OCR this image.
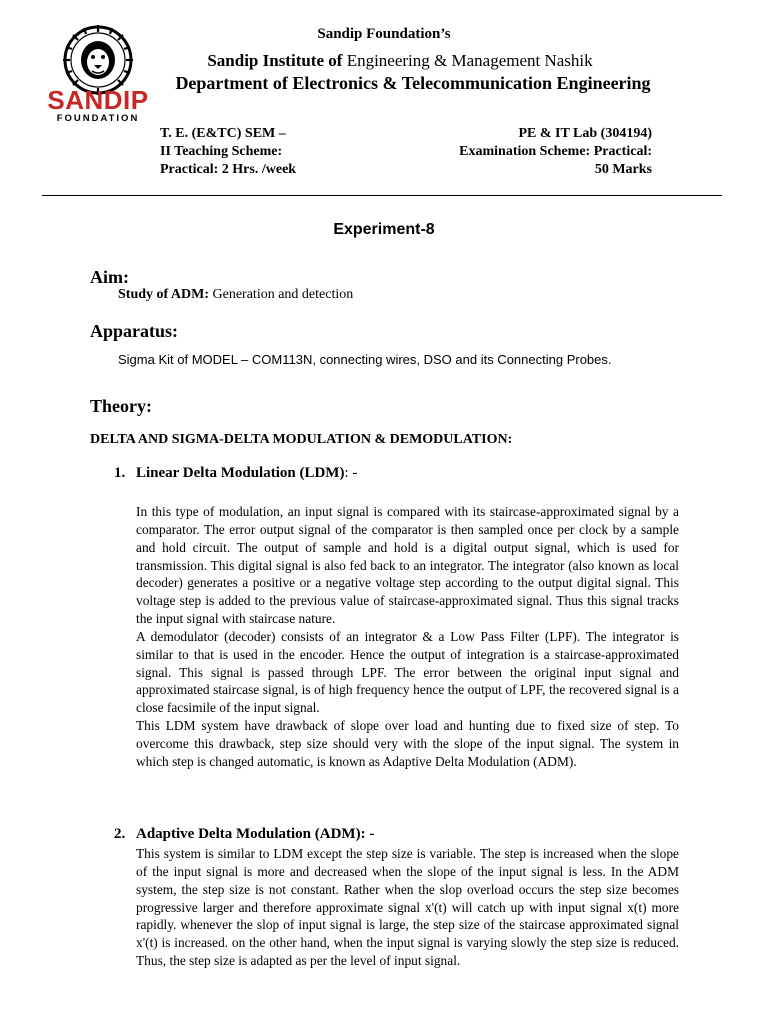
SANDIP
FOUNDATION
Sandip Foundation’s
Sandip Institute of Engineering & Management Nashik
Department of Electronics & Telecommunication Engineering
T. E. (E&TC) SEM –
II Teaching Scheme:
Practical: 2 Hrs. /week
PE & IT Lab (304194)
Examination Scheme: Practical:
50 Marks
Experiment-8
Aim:
Study of ADM: Generation and detection
Apparatus:
Sigma Kit of MODEL – COM113N, connecting wires, DSO and its Connecting Probes.
Theory:
DELTA AND SIGMA-DELTA MODULATION & DEMODULATION:
1. Linear Delta Modulation (LDM): -

In this type of modulation, an input signal is compared with its staircase-approximated signal by a comparator. The error output signal of the comparator is then sampled once per clock by a sample and hold circuit. The output of sample and hold is a digital output signal, which is used for transmission. This digital signal is also fed back to an integrator. The integrator (also known as local decoder) generates a positive or a negative voltage step according to the output digital signal. This voltage step is added to the previous value of staircase-approximated signal. Thus this signal tracks the input signal with staircase nature.

A demodulator (decoder) consists of an integrator & a Low Pass Filter (LPF). The integrator is similar to that is used in the encoder. Hence the output of integration is a staircase-approximated signal. This signal is passed through LPF. The error between the original input signal and approximated staircase signal, is of high frequency hence the output of LPF, the recovered signal is a close facsimile of the input signal.

This LDM system have drawback of slope over load and hunting due to fixed size of step. To overcome this drawback, step size should very with the slope of the input signal. The system in which step is changed automatic, is known as Adaptive Delta Modulation (ADM).

2. Adaptive Delta Modulation (ADM): -

This system is similar to LDM except the step size is variable. The step is increased when the slope of the input signal is more and decreased when the slope of the input signal is less. In the ADM system, the step size is not constant. Rather when the slop overload occurs the step size becomes progressive larger and therefore approximate signal x'(t) will catch up with input signal x(t) more rapidly. whenever the slop of input signal is large, the step size of the staircase approximated signal x'(t) is increased. on the other hand, when the input signal is varying slowly the step size is reduced. Thus, the step size is adapted as per the level of input signal.
